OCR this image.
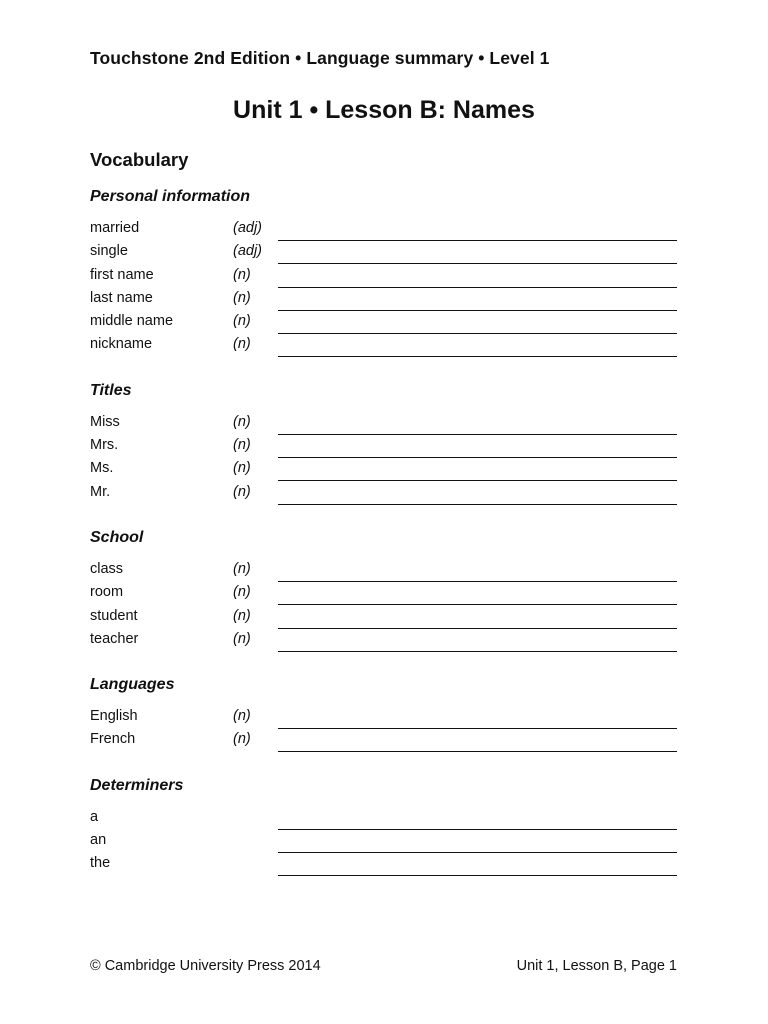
Touchstone 2nd Edition • Language summary • Level 1
Unit 1 • Lesson B: Names
Vocabulary
Personal information
married	(adj)
single	(adj)
first name	(n)
last name	(n)
middle name	(n)
nickname	(n)
Titles
Miss	(n)
Mrs.	(n)
Ms.	(n)
Mr.	(n)
School
class	(n)
room	(n)
student	(n)
teacher	(n)
Languages
English	(n)
French	(n)
Determiners
a
an
the
© Cambridge University Press 2014	Unit 1, Lesson B, Page 1
